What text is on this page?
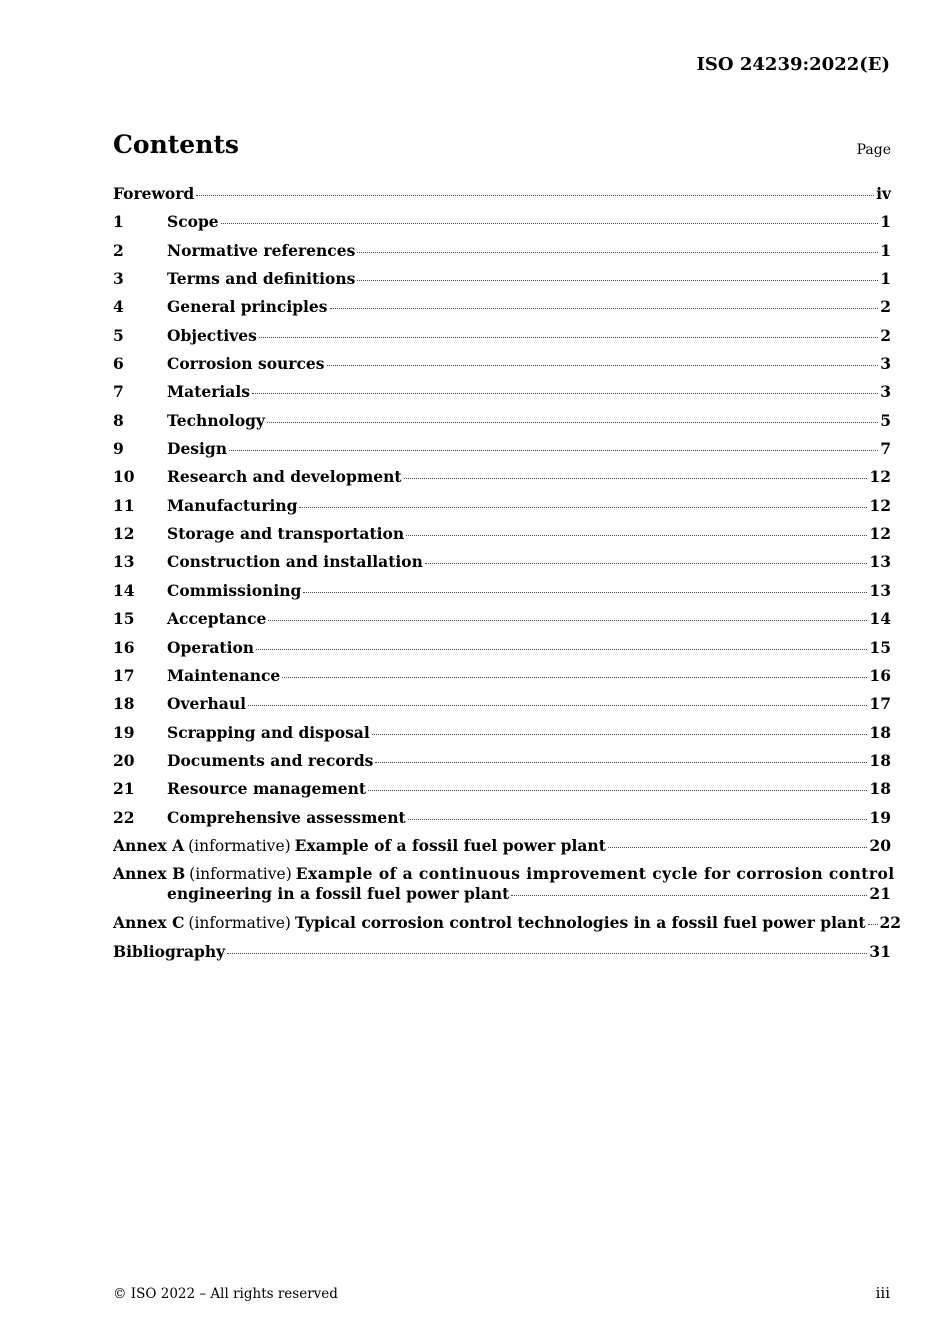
ISO 24239:2022(E)
Contents	Page
Foreword	iv
1	Scope	1
2	Normative references	1
3	Terms and definitions	1
4	General principles	2
5	Objectives	2
6	Corrosion sources	3
7	Materials	3
8	Technology	5
9	Design	7
10	Research and development	12
11	Manufacturing	12
12	Storage and transportation	12
13	Construction and installation	13
14	Commissioning	13
15	Acceptance	14
16	Operation	15
17	Maintenance	16
18	Overhaul	17
19	Scrapping and disposal	18
20	Documents and records	18
21	Resource management	18
22	Comprehensive assessment	19
Annex A (informative) Example of a fossil fuel power plant	20
Annex B (informative) Example of a continuous improvement cycle for corrosion control
engineering in a fossil fuel power plant	21
Annex C (informative) Typical corrosion control technologies in a fossil fuel power plant 22
Bibliography	31
© ISO 2022 – All rights reserved	iii
